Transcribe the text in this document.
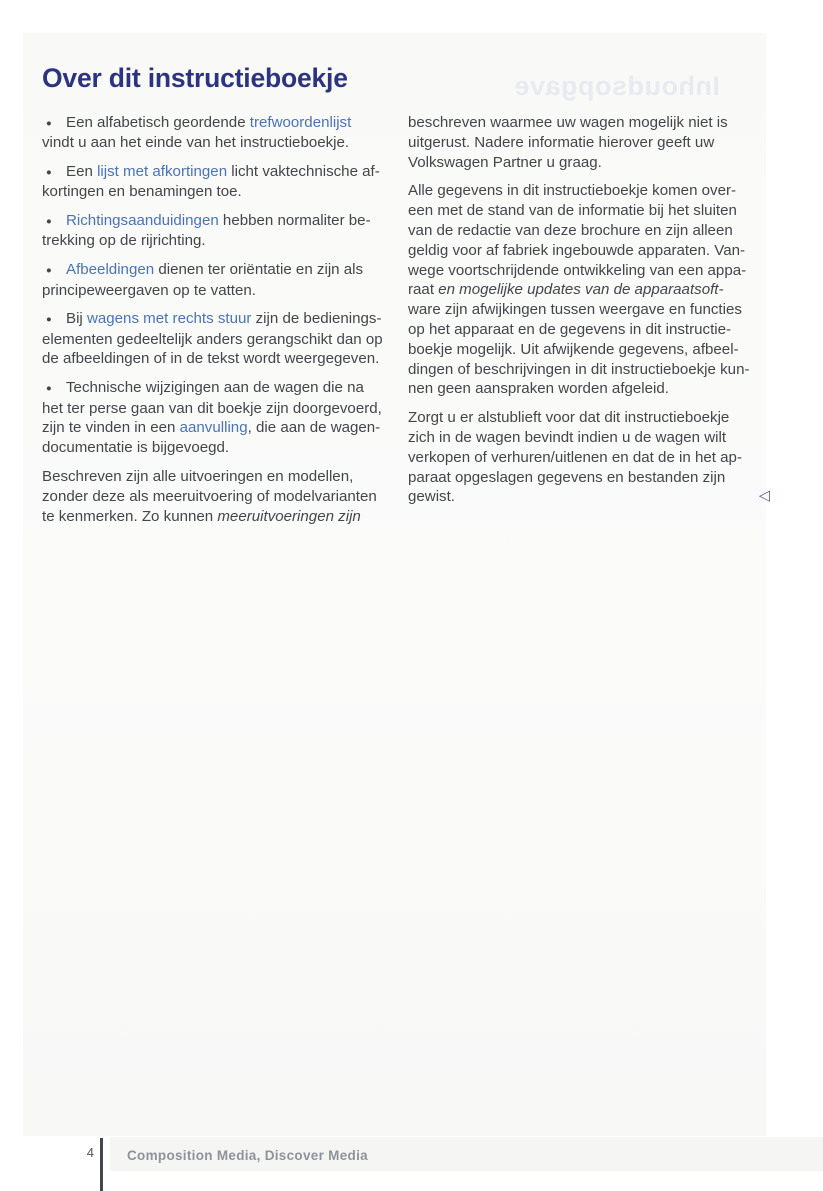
Inhoudsopgave
Over dit instructieboekje
● Een alfabetisch geordende trefwoordenlijst
vindt u aan het einde van het instructieboekje.
● Een lijst met afkortingen licht vaktechnische af-
kortingen en benamingen toe.
● Richtingsaanduidingen hebben normaliter be-
trekking op de rijrichting.
● Afbeeldingen dienen ter oriëntatie en zijn als
principeweergaven op te vatten.
● Bij wagens met rechts stuur zijn de bedienings-
elementen gedeeltelijk anders gerangschikt dan op
de afbeeldingen of in de tekst wordt weergegeven.
● Technische wijzigingen aan de wagen die na
het ter perse gaan van dit boekje zijn doorgevoerd,
zijn te vinden in een aanvulling, die aan de wagen-
documentatie is bijgevoegd.
Beschreven zijn alle uitvoeringen en modellen,
zonder deze als meeruitvoering of modelvarianten
te kenmerken. Zo kunnen meeruitvoeringen zijn
beschreven waarmee uw wagen mogelijk niet is
uitgerust. Nadere informatie hierover geeft uw
Volkswagen Partner u graag.
Alle gegevens in dit instructieboekje komen over-
een met de stand van de informatie bij het sluiten
van de redactie van deze brochure en zijn alleen
geldig voor af fabriek ingebouwde apparaten. Van-
wege voortschrijdende ontwikkeling van een appa-
raat en mogelijke updates van de apparaatsoft-
ware zijn afwijkingen tussen weergave en functies
op het apparaat en de gegevens in dit instructie-
boekje mogelijk. Uit afwijkende gegevens, afbeel-
dingen of beschrijvingen in dit instructieboekje kun-
nen geen aanspraken worden afgeleid.
Zorgt u er alstublieft voor dat dit instructieboekje
zich in de wagen bevindt indien u de wagen wilt
verkopen of verhuren/uitlenen en dat de in het ap-
paraat opgeslagen gegevens en bestanden zijn
gewist.	◁
4 Composition Media, Discover Media
